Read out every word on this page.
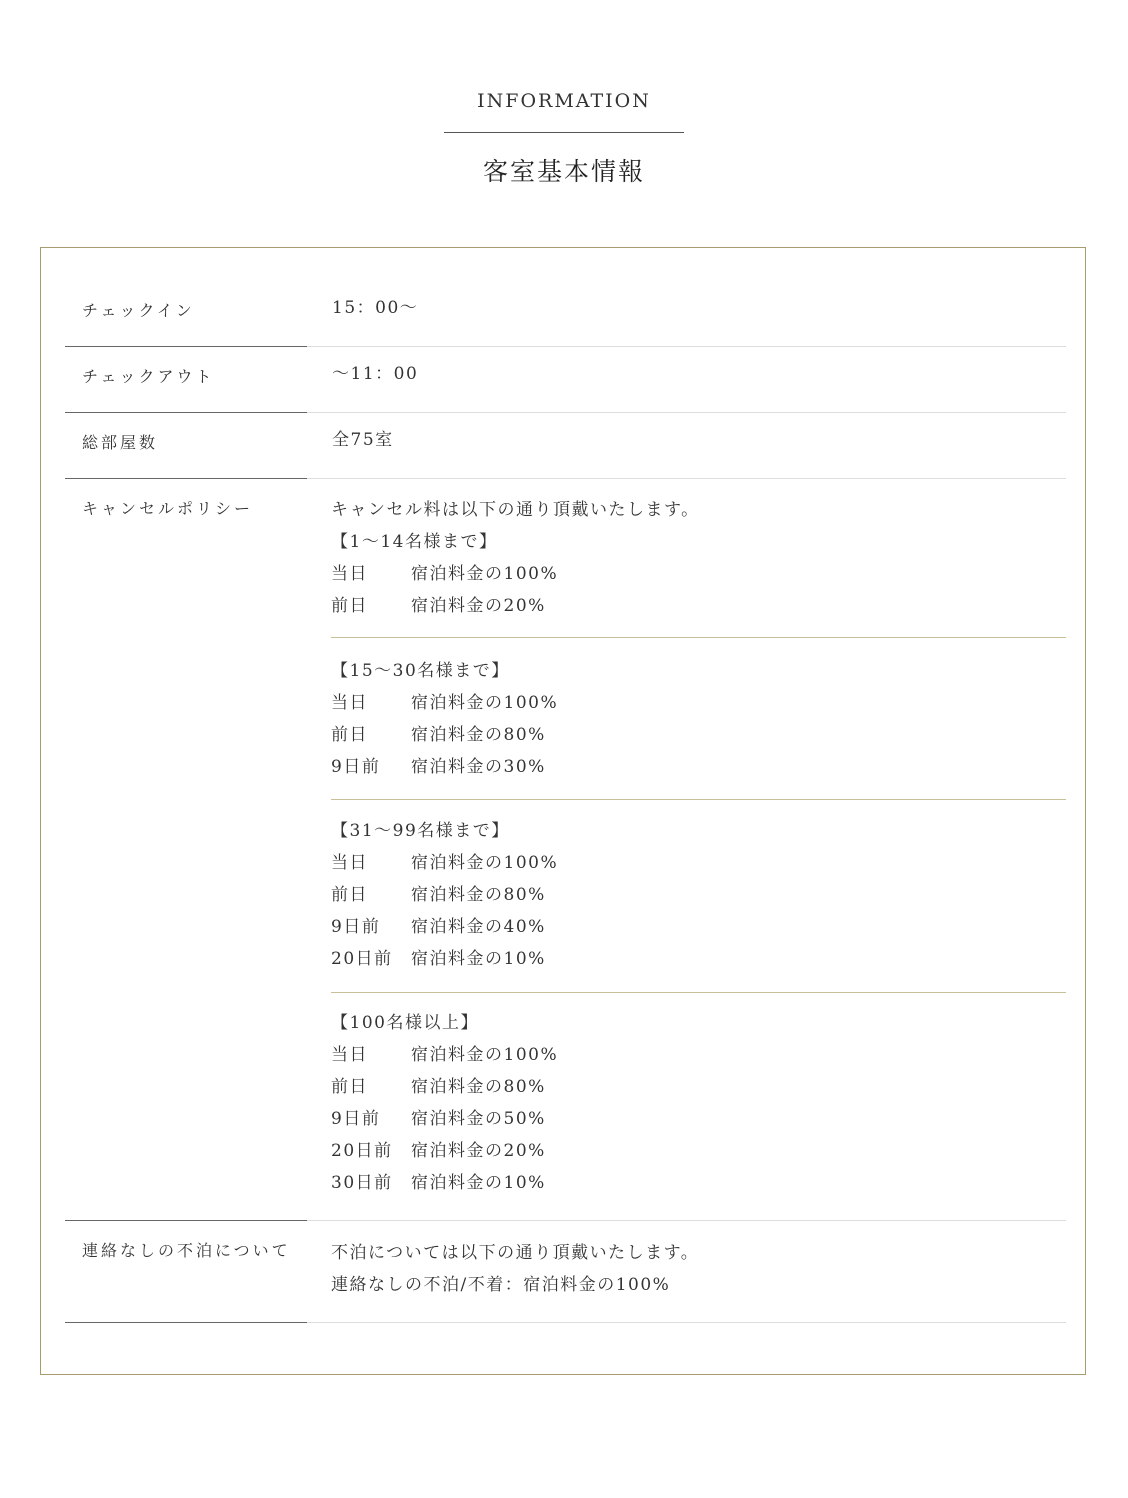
INFORMATION
客室基本情報
チェックイン	15：00～
チェックアウト	～11：00
総部屋数	全75室
キャンセルポリシー	キャンセル料は以下の通り頂戴いたします。
【1～14名様まで】
当日	宿泊料金の100%
前日	宿泊料金の20%
【15～30名様まで】
当日	宿泊料金の100%
前日	宿泊料金の80%
9日前 宿泊料金の30%
【31～99名様まで】
当日	宿泊料金の100%
前日	宿泊料金の80%
9日前 宿泊料金の40%
20日前 宿泊料金の10%
【100名様以上】
当日	宿泊料金の100%
前日	宿泊料金の80%
9日前 宿泊料金の50%
20日前 宿泊料金の20%
30日前 宿泊料金の10%
連絡なしの不泊について 不泊については以下の通り頂戴いたします。
連絡なしの不泊/不着：宿泊料金の100%
